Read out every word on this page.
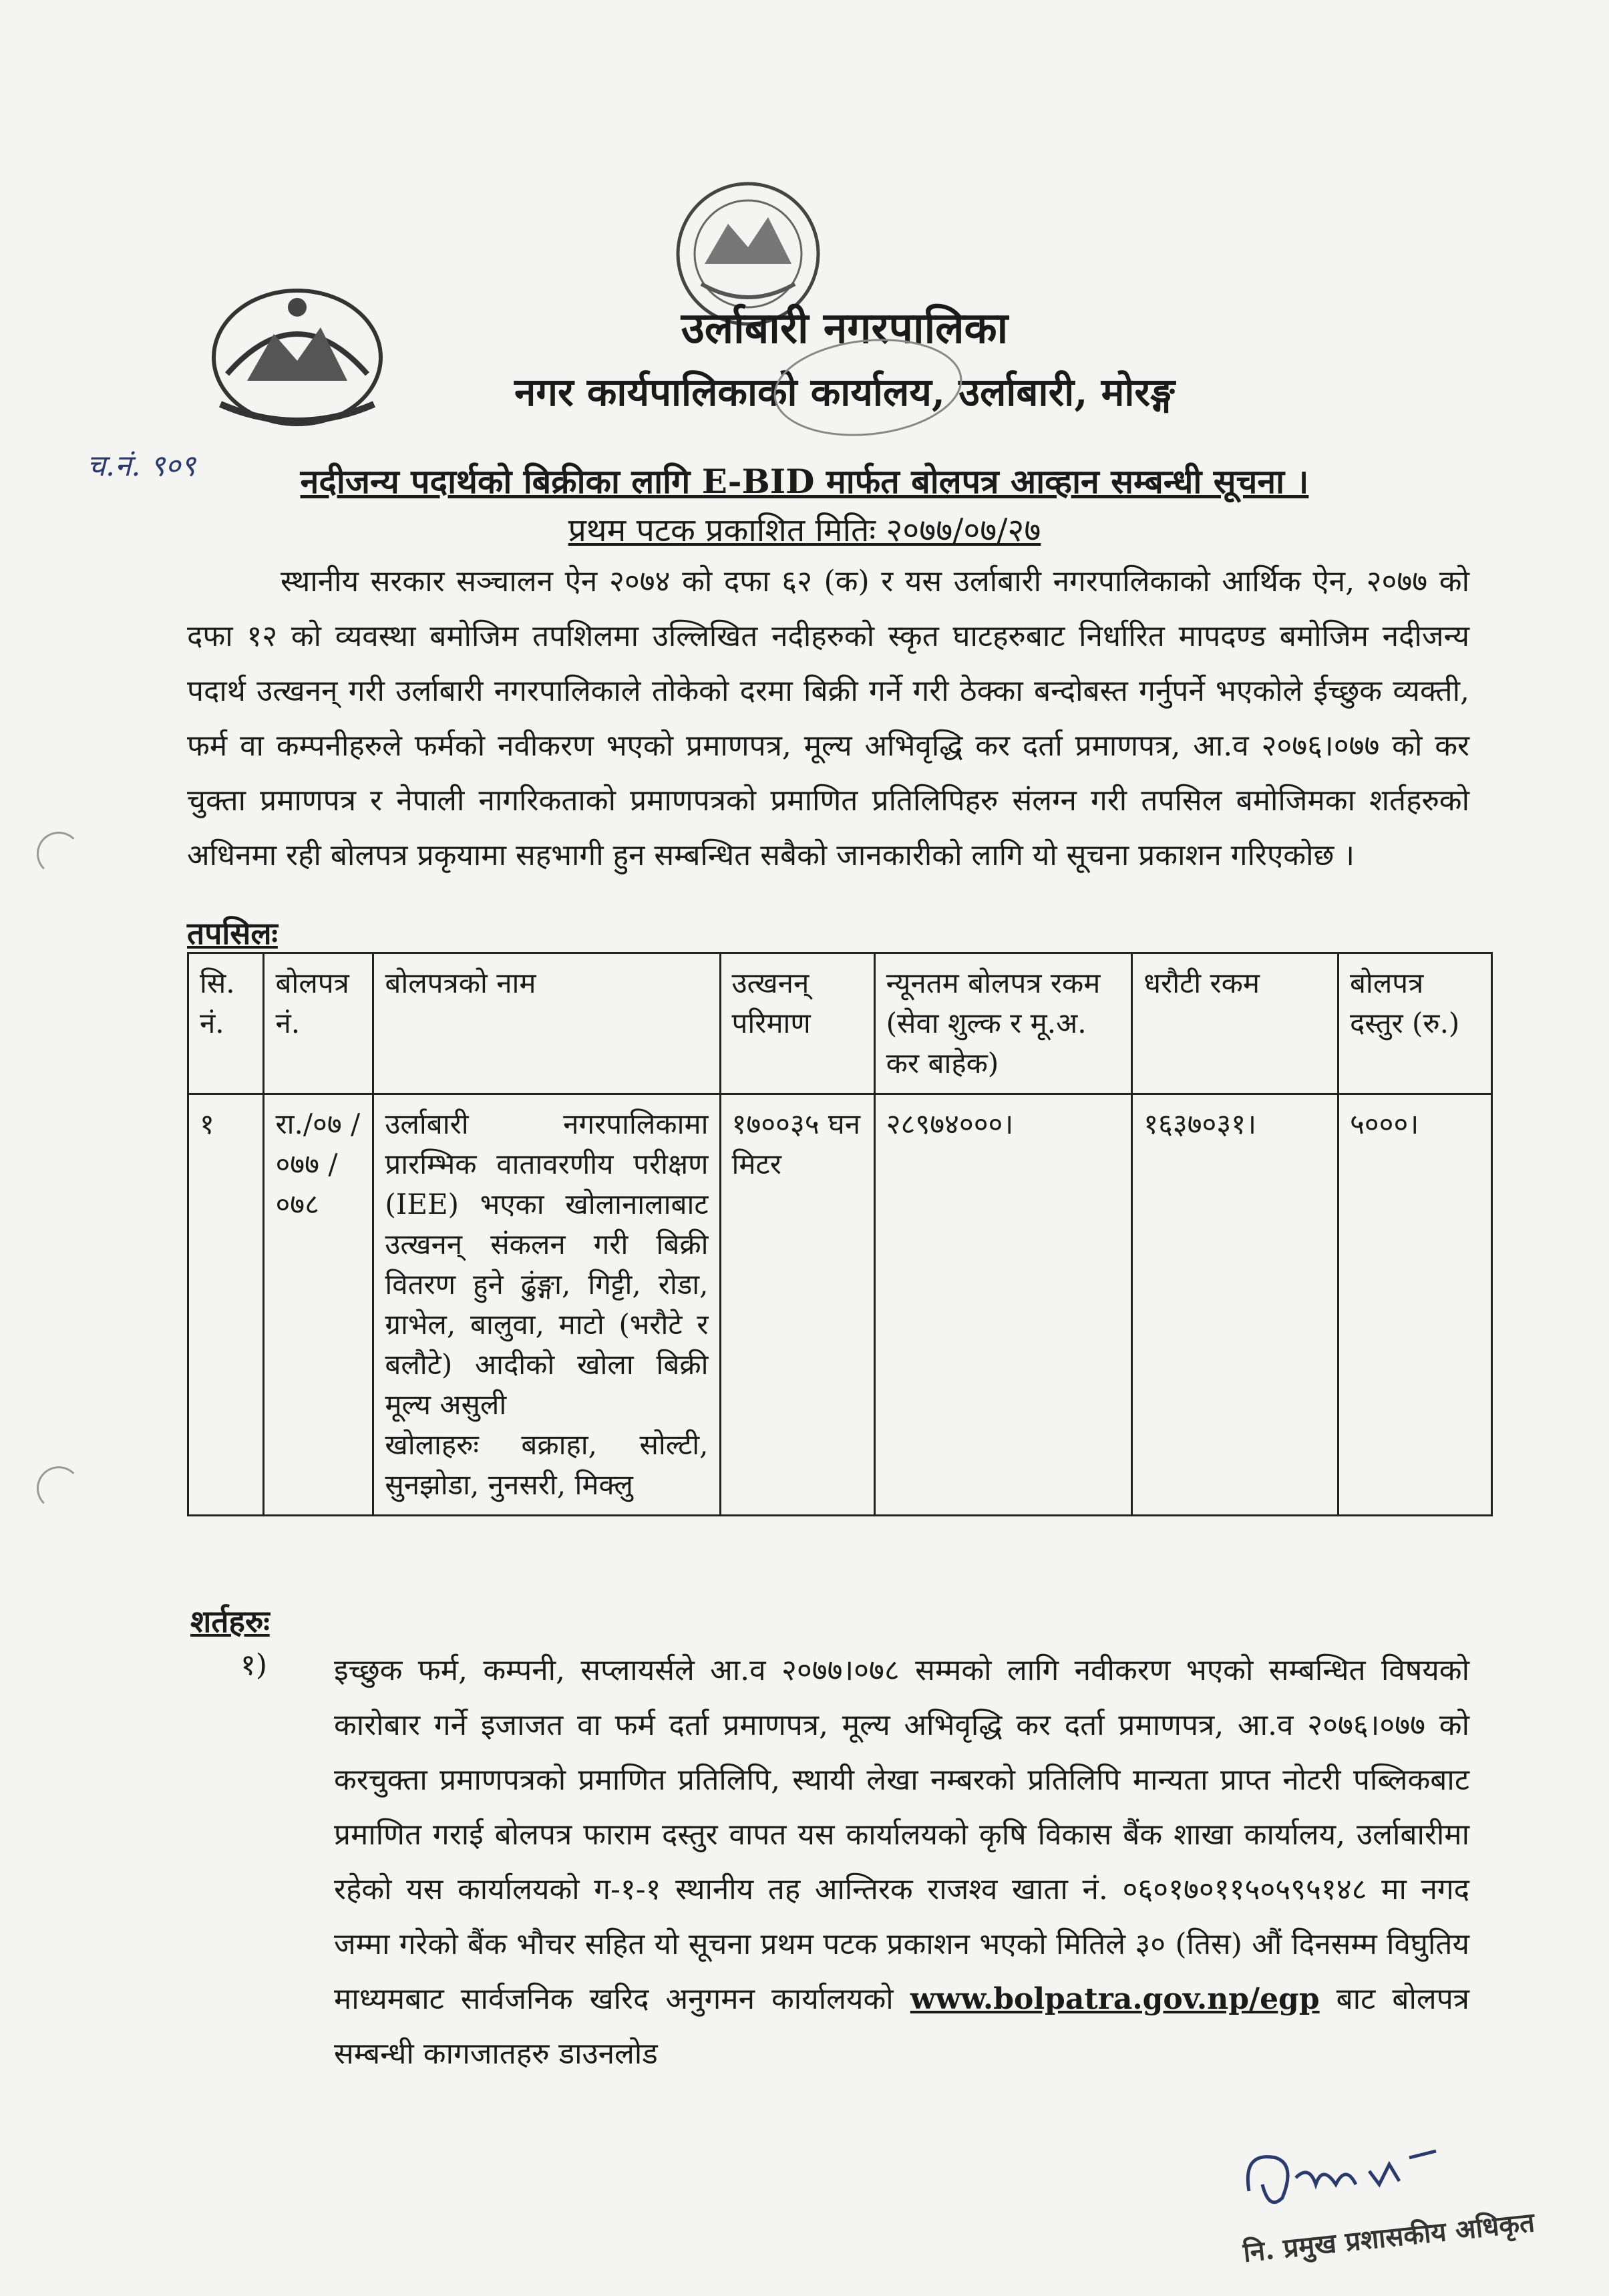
उर्लाबारी नगरपालिका
नगर कार्यपालिकाको कार्यालय, उर्लाबारी, मोरङ्ग
च.नं. ९०९	नदीजन्य पदार्थको बिक्रीका लागि E-BID मार्फत बोलपत्र आव्हान सम्बन्धी सूचना ।
प्रथम पटक प्रकाशित मितिः २०७७/०७/२७
स्थानीय सरकार सञ्चालन ऐन २०७४ को दफा ६२ (क) र यस उर्लाबारी नगरपालिकाको आर्थिक ऐन, २०७७ को दफा १२ को व्यवस्था बमोजिम तपशिलमा उल्लिखित नदीहरुको स्कृत घाटहरुबाट निर्धारित मापदण्ड बमोजिम नदीजन्य पदार्थ उत्खनन् गरी उर्लाबारी नगरपालिकाले तोकेको दरमा बिक्री गर्ने गरी ठेक्का बन्दोबस्त गर्नुपर्ने भएकोले ईच्छुक व्यक्ती, फर्म वा कम्पनीहरुले फर्मको नवीकरण भएको प्रमाणपत्र, मूल्य अभिवृद्धि कर दर्ता प्रमाणपत्र, आ.व २०७६।०७७ को कर चुक्ता प्रमाणपत्र र नेपाली नागरिकताको प्रमाणपत्रको प्रमाणित प्रतिलिपिहरु संलग्न गरी तपसिल बमोजिमका शर्तहरुको अधिनमा रही बोलपत्र प्रकृयामा सहभागी हुन सम्बन्धित सबैको जानकारीको लागि यो सूचना प्रकाशन गरिएकोछ ।
तपसिलः
सि. नं.	बोलपत्र नं.	बोलपत्रको नाम	उत्खनन् परिमाण	न्यूनतम बोलपत्र रकम (सेवा शुल्क र मू.अ. कर बाहेक)	धरौटी रकम	बोलपत्र दस्तुर (रु.)
१	रा./०७ /०७७ /०७८	उर्लाबारी नगरपालिकामा प्रारम्भिक वातावरणीय परीक्षण (IEE) भएका खोलानालाबाट उत्खनन् संकलन गरी बिक्री वितरण हुने ढुंङ्गा, गिट्टी, रोडा, ग्राभेल, बालुवा, माटो (भरौटे र बलौटे) आदीको खोला बिक्री मूल्य असुली
खोलाहरुः बक्राहा, सोल्टी, सुनझोडा, नुनसरी, मिक्लु	१७००३५ घन मिटर	२८९७४०००।	१६३७०३१।	५०००।
शर्तहरुः
१) इच्छुक फर्म, कम्पनी, सप्लायर्सले आ.व २०७७।०७८ सम्मको लागि नवीकरण भएको सम्बन्धित विषयको कारोबार गर्ने इजाजत वा फर्म दर्ता प्रमाणपत्र, मूल्य अभिवृद्धि कर दर्ता प्रमाणपत्र, आ.व २०७६।०७७ को करचुक्ता प्रमाणपत्रको प्रमाणित प्रतिलिपि, स्थायी लेखा नम्बरको प्रतिलिपि मान्यता प्राप्त नोटरी पब्लिकबाट प्रमाणित गराई बोलपत्र फाराम दस्तुर वापत यस कार्यालयको कृषि विकास बैंक शाखा कार्यालय, उर्लाबारीमा रहेको यस कार्यालयको ग-१-१ स्थानीय तह आन्तिरक राजश्व खाता नं. ०६०१७०११५०५९५१४८ मा नगद जम्मा गरेको बैंक भौचर सहित यो सूचना प्रथम पटक प्रकाशन भएको मितिले ३० (तिस) औं दिनसम्म विघुतिय माध्यमबाट सार्वजनिक खरिद अनुगमन कार्यालयको www.bolpatra.gov.np/egp बाट बोलपत्र सम्बन्धी कागजातहरु डाउनलोड
नि. प्रमुख प्रशासकीय अधिकृत
